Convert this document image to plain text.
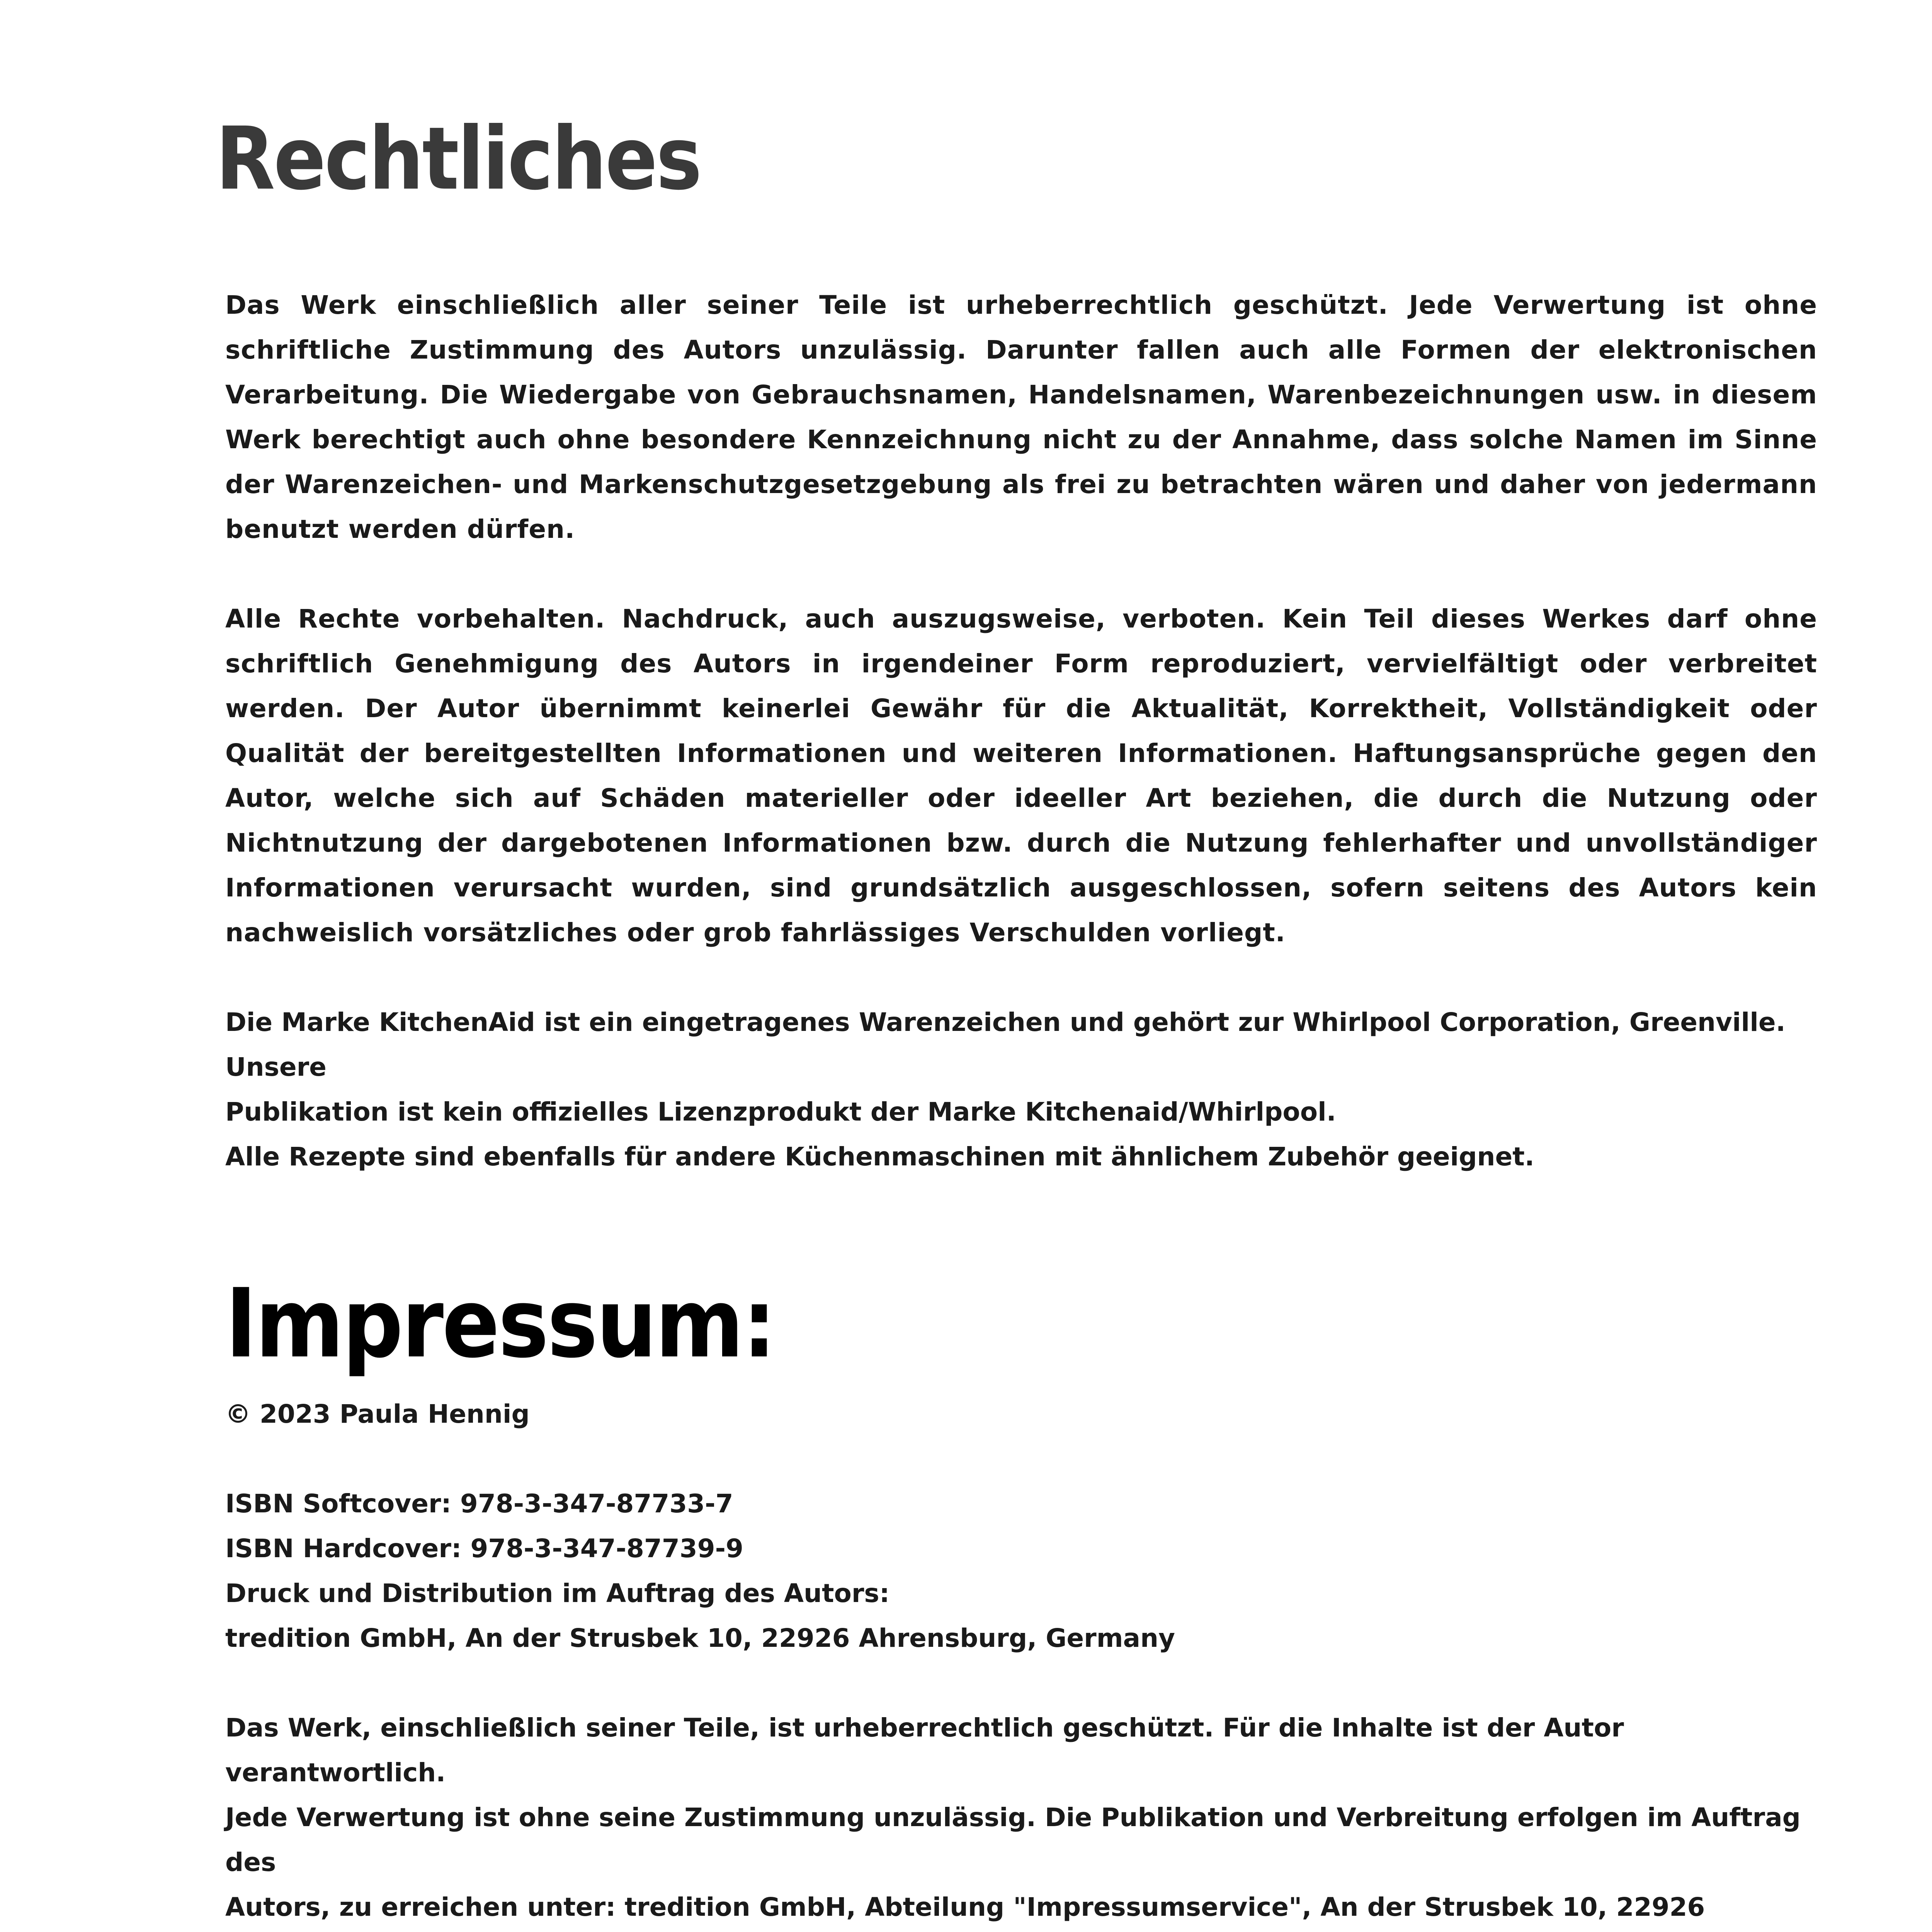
Rechtliches

Das Werk einschließlich aller seiner Teile ist urheberrechtlich geschützt. Jede Verwertung ist ohne schriftliche Zustimmung des Autors unzulässig. Darunter fallen auch alle Formen der elektronischen Verarbeitung. Die Wiedergabe von Gebrauchsnamen, Handelsnamen, Warenbezeichnungen usw. in diesem Werk berechtigt auch ohne besondere Kennzeichnung nicht zu der Annahme, dass solche Namen im Sinne der Warenzeichen- und Markenschutzgesetzgebung als frei zu betrachten wären und daher von jedermann benutzt werden dürfen.

Alle Rechte vorbehalten. Nachdruck, auch auszugsweise, verboten. Kein Teil dieses Werkes darf ohne schriftlich Genehmigung des Autors in irgendeiner Form reproduziert, vervielfältigt oder verbreitet werden. Der Autor übernimmt keinerlei Gewähr für die Aktualität, Korrektheit, Vollständigkeit oder Qualität der bereitgestellten Informationen und weiteren Informationen. Haftungsansprüche gegen den Autor, welche sich auf Schäden materieller oder ideeller Art beziehen, die durch die Nutzung oder Nichtnutzung der dargebotenen Informationen bzw. durch die Nutzung fehlerhafter und unvollständiger Informationen verursacht wurden, sind grundsätzlich ausgeschlossen, sofern seitens des Autors kein nachweislich vorsätzliches oder grob fahrlässiges Verschulden vorliegt.

Die Marke KitchenAid ist ein eingetragenes Warenzeichen und gehört zur Whirlpool Corporation, Greenville. Unsere
Publikation ist kein offizielles Lizenzprodukt der Marke Kitchenaid/Whirlpool.
Alle Rezepte sind ebenfalls für andere Küchenmaschinen mit ähnlichem Zubehör geeignet.
Impressum:
© 2023 Paula Hennig
ISBN Softcover: 978-3-347-87733-7
ISBN Hardcover: 978-3-347-87739-9
Druck und Distribution im Auftrag des Autors:
tredition GmbH, An der Strusbek 10, 22926 Ahrensburg, Germany
Das Werk, einschließlich seiner Teile, ist urheberrechtlich geschützt. Für die Inhalte ist der Autor verantwortlich.
Jede Verwertung ist ohne seine Zustimmung unzulässig. Die Publikation und Verbreitung erfolgen im Auftrag des
Autors, zu erreichen unter: tredition GmbH, Abteilung "Impressumservice", An der Strusbek 10, 22926
